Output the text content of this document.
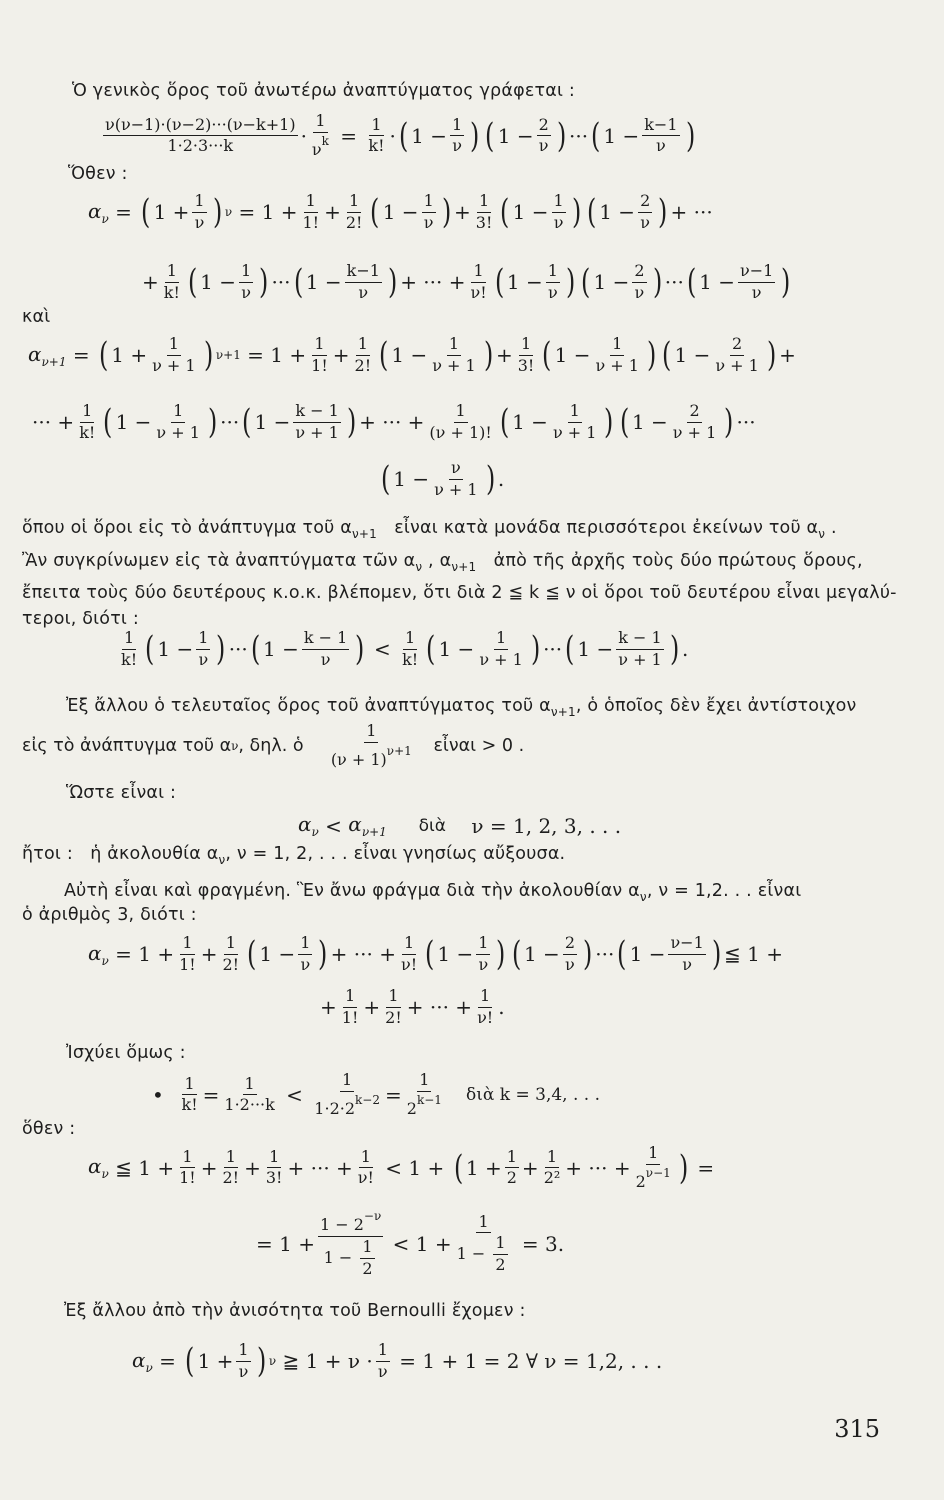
Ὁ γενικὸς ὅρος τοῦ ἀνωτέρω ἀναπτύγματος γράφεται :
$\frac{\nu(\nu-1)\cdot(\nu-2)\cdot\cdot\cdot(\nu-k+1)}{1\cdot 2\cdot 3\cdot\cdot\cdot k} \cdot \frac{1}{\nu^k} = \frac{1}{k!}$ · ( $1 - \frac{1}{\nu}$ ) ( $1 - \frac{2}{\nu}$ ) ··· ( $1 - \frac{k-1}{\nu}$ )
Ὅθεν :
$\alpha_\nu$ = ( $1 + \frac{1}{\nu}$ ) $\nu = 1 + \frac{1}{1!} + \frac{1}{2!}$ ( $1 - \frac{1}{\nu}$ ) + $\frac{1}{3!}$ ( $1 - \frac{1}{\nu}$ ) ( $1 - \frac{2}{\nu}$ ) + ···
+ $\frac{1}{k!}$ ( $1 - \frac{1}{\nu}$ ) ··· ( $1 - \frac{k-1}{\nu}$ ) + ··· + $\frac{1}{\nu!}$ ( $1 - \frac{1}{\nu}$ ) ( $1 - \frac{2}{\nu}$ ) ··· ( $1 - \frac{\nu-1}{\nu}$ )
καὶ
$\alpha_{\nu+1}$ = ( $1 + \frac{1}{\nu + 1}$ ) $\nu+1 = 1 + \frac{1}{1!} + \frac{1}{2!}$ ( $1 - \frac{1}{\nu + 1}$ ) + $\frac{1}{3!}$ ( $1 - \frac{1}{\nu + 1}$ ) ( $1 - \frac{2}{\nu + 1}$ ) +
··· + $\frac{1}{k!}$ ( $1 - \frac{1}{\nu + 1}$ ) ··· ( $1 - \frac{k - 1}{\nu + 1}$ ) + ··· + $\frac{1}{(\nu + 1)!}$ ( $1 - \frac{1}{\nu + 1}$ ) ( $1 - \frac{2}{\nu + 1}$ ) ···
( $1 - \frac{\nu}{\nu + 1}$ ) .
ὅπου οἱ ὅροι εἰς τὸ ἀνάπτυγμα τοῦ $\alpha_{\nu+1}$ εἶναι κατὰ μονάδα περισσότεροι ἐκείνων τοῦ $\alpha_\nu$ .
Ἂν συγκρίνωμεν εἰς τὰ ἀναπτύγματα τῶν $\alpha_\nu$ , $\alpha_{\nu+1}$ ἀπὸ τῆς ἀρχῆς τοὺς δύο πρώτους ὅρους,
ἔπειτα τοὺς δύο δευτέρους κ.ο.κ. βλέπομεν, ὅτι διὰ 2 ≦ k ≦ ν οἱ ὅροι τοῦ δευτέρου εἶναι μεγαλύ-
τεροι, διότι :
$\frac{1}{k!}$ ( $1 - \frac{1}{\nu}$ ) ··· ( $1 - \frac{k - 1}{\nu}$ ) < $\frac{1}{k!}$ ( $1 - \frac{1}{\nu + 1}$ ) ··· ( $1 - \frac{k - 1}{\nu + 1}$ ) .
Ἐξ ἄλλου ὁ τελευταῖος ὅρος τοῦ ἀναπτύγματος τοῦ $\alpha_{\nu+1}$, ὁ ὁποῖος δὲν ἔχει ἀντίστοιχον
εἰς τὸ ἀνάπτυγμα τοῦ α ν , δηλ. ὁ
$\frac{1}{(\nu + 1)^{\nu+1}}$
εἶναι > 0 .
Ὥστε εἶναι :
$\alpha_\nu < \alpha_{\nu+1}$
διὰ
ν = 1, 2, 3, . . .
ἤτοι : ἡ ἀκολουθία $\alpha_\nu$, ν = 1, 2, . . . εἶναι γνησίως αὔξουσα.
Αὐτὴ εἶναι καὶ φραγμένη. Ἓν ἄνω φράγμα διὰ τὴν ἀκολουθίαν $\alpha_\nu$, ν = 1,2. . . εἶναι
ὁ ἀριθμὸς 3, διότι :
$\alpha_\nu = 1 + \frac{1}{1!} + \frac{1}{2!}$ ( $1 - \frac{1}{\nu}$ ) + ··· + $\frac{1}{\nu!}$ ( $1 - \frac{1}{\nu}$ ) ( $1 - \frac{2}{\nu}$ ) ··· ( $1 - \frac{\nu-1}{\nu}$ ) ≦ 1 +
+ $\frac{1}{1!} + \frac{1}{2!}$ + ··· + $\frac{1}{\nu!}$ .
Ἰσχύει ὅμως :
• $\frac{1}{k!} = \frac{1}{1\cdot 2\cdot\cdot\cdot k} < \frac{1}{1\cdot 2\cdot 2^{k-2}} = \frac{1}{2^{k-1}}$
διὰ k = 3,4, . . .
ὅθεν :
$\alpha_\nu$ ≦ $1 + \frac{1}{1!} + \frac{1}{2!} + \frac{1}{3!}$ + ··· + $\frac{1}{\nu!} < 1$ + ( $1 + \frac{1}{2} + \frac{1}{\text{2²}}$ + ··· + $\frac{1}{2^{\nu-1}}$ ) =
= $1 + \frac{1 - 2^{-\nu}}{1 - \frac{1}{2}} < 1 + \frac{1}{1 - \frac{1}{2}} = 3$.
Ἐξ ἄλλου ἀπὸ τὴν ἀνισότητα τοῦ Bernoulli ἔχομεν :
$\alpha_\nu$ = ( $1 + \frac{1}{\nu}$ ) ν ≧ $1 + \nu \cdot \frac{1}{\nu}$
= 1 + 1 = 2 ∀ ν = 1,2, . . .
315
